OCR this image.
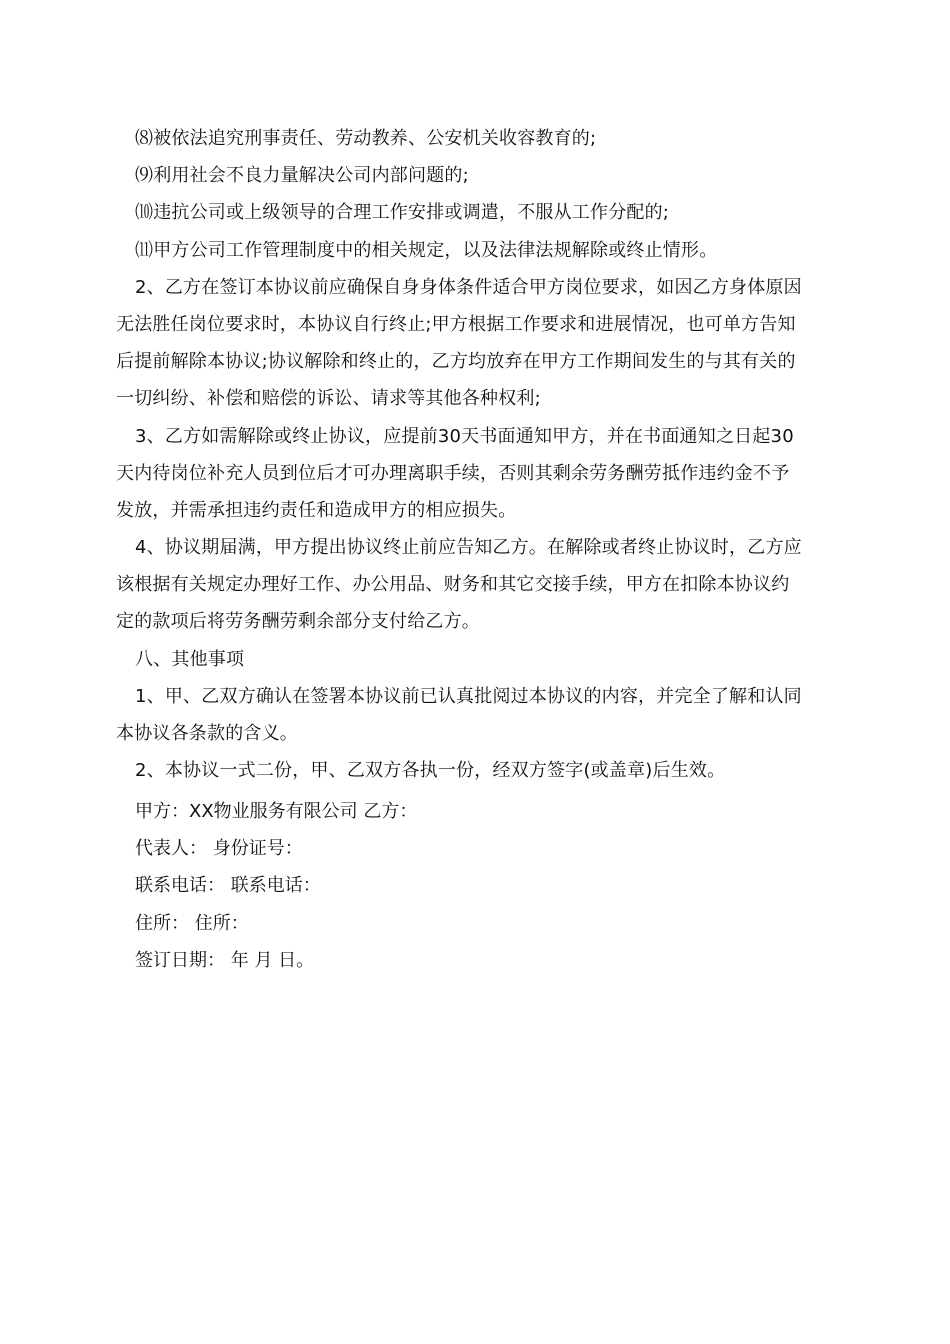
⑻被依法追究刑事责任、劳动教养、公安机关收容教育的;
⑼利用社会不良力量解决公司内部问题的;
⑽违抗公司或上级领导的合理工作安排或调遣，不服从工作分配的;
⑾甲方公司工作管理制度中的相关规定，以及法律法规解除或终止情形。
2、乙方在签订本协议前应确保自身身体条件适合甲方岗位要求，如因乙方身体原因
无法胜任岗位要求时，本协议自行终止;甲方根据工作要求和进展情况，也可单方告知
后提前解除本协议;协议解除和终止的，乙方均放弃在甲方工作期间发生的与其有关的
一切纠纷、补偿和赔偿的诉讼、请求等其他各种权利;
3、乙方如需解除或终止协议，应提前30天书面通知甲方，并在书面通知之日起30
天内待岗位补充人员到位后才可办理离职手续，否则其剩余劳务酬劳抵作违约金不予
发放，并需承担违约责任和造成甲方的相应损失。
4、协议期届满，甲方提出协议终止前应告知乙方。在解除或者终止协议时，乙方应
该根据有关规定办理好工作、办公用品、财务和其它交接手续，甲方在扣除本协议约
定的款项后将劳务酬劳剩余部分支付给乙方。
八、其他事项
1、甲、乙双方确认在签署本协议前已认真批阅过本协议的内容，并完全了解和认同
本协议各条款的含义。
2、本协议一式二份，甲、乙双方各执一份，经双方签字(或盖章)后生效。
甲方：XX物业服务有限公司 乙方：
代表人： 身份证号：
联系电话： 联系电话：
住所： 住所：
签订日期： 年 月 日。
